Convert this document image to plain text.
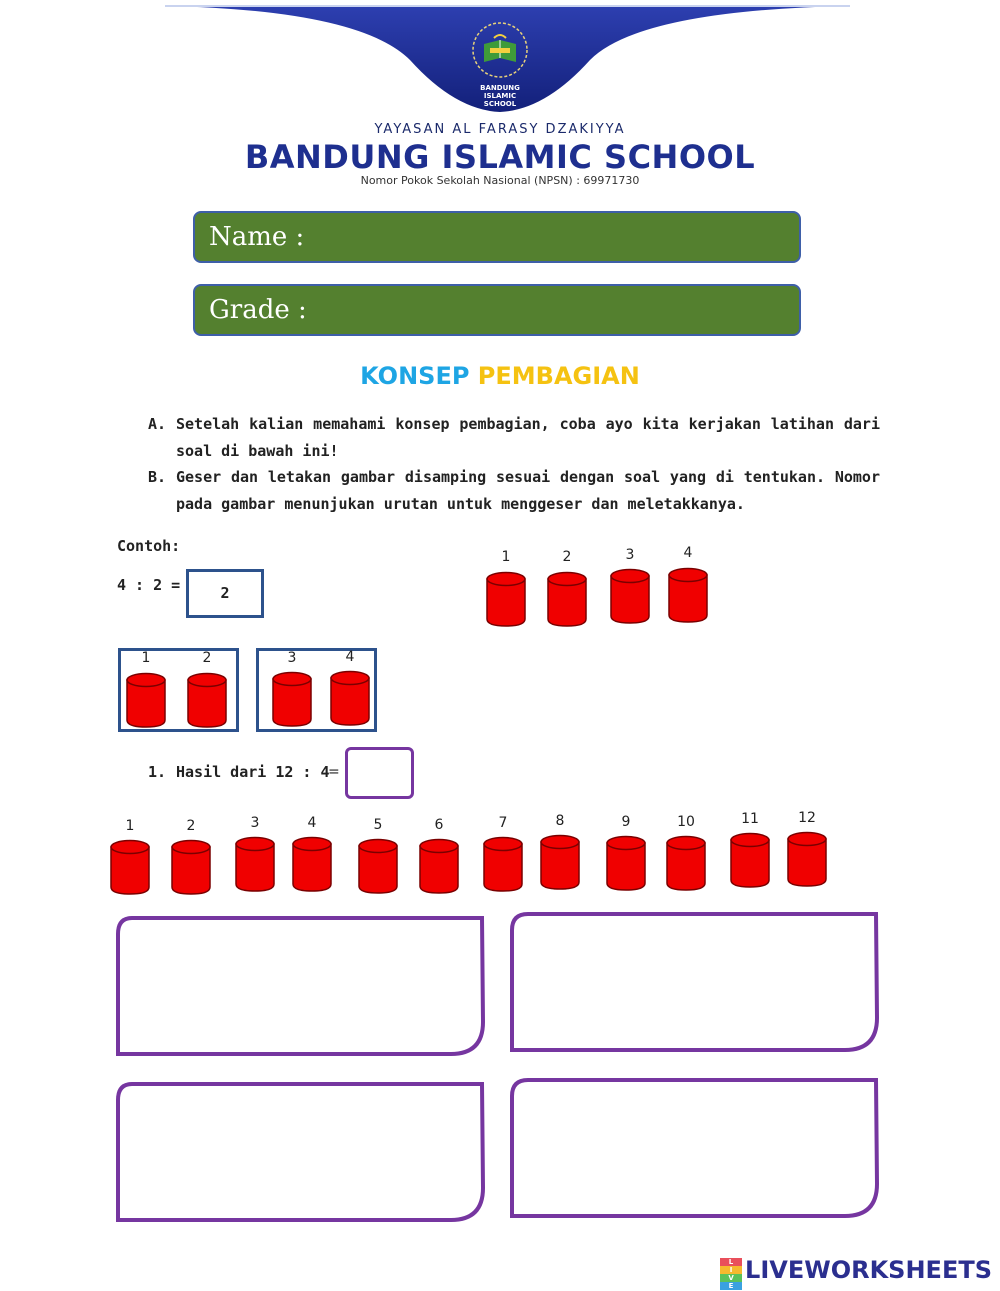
BANDUNG
ISLAMIC
SCHOOL
YAYASAN AL FARASY DZAKIYYA
BANDUNG ISLAMIC SCHOOL
Nomor Pokok Sekolah Nasional (NPSN) : 69971730
Name :
Grade :
KONSEP PEMBAGIAN
A. Setelah kalian memahami konsep pembagian, coba ayo kita kerjakan latihan dari soal di bawah ini!
B. Geser dan letakan gambar disamping sesuai dengan soal yang di tentukan. Nomor pada gambar menunjukan urutan untuk menggeser dan meletakkanya.
Contoh:
4 : 2 =	2
1	2	3	4
1	2	3	4
1. Hasil dari 12 : 4
=
1	2	3	4	5	6	7	8	9	10	11	12
L
I
V
E
LIVEWORKSHEETS
